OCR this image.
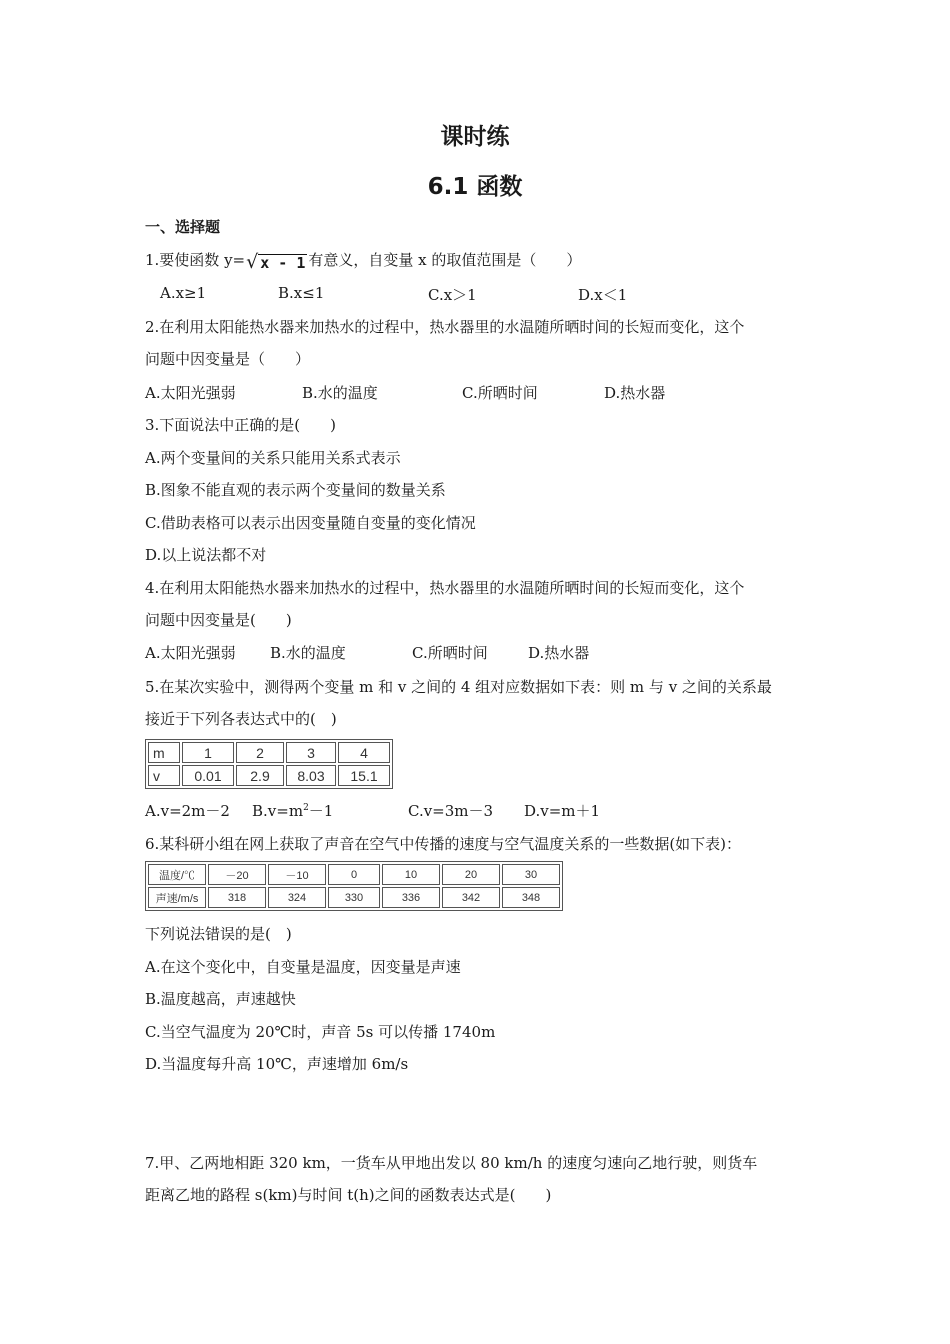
课时练
6.1 函数
一、选择题
1.要使函数 y=√ x - 1 有意义，自变量 x 的取值范围是（　　）
A.x≥1	B.x≤1	C.x＞1	D.x＜1
2.在利用太阳能热水器来加热水的过程中，热水器里的水温随所晒时间的长短而变化，这个
问题中因变量是（　　）
A.太阳光强弱	B.水的温度	C.所晒时间	D.热水器
3.下面说法中正确的是(　　)
A.两个变量间的关系只能用关系式表示
B.图象不能直观的表示两个变量间的数量关系
C.借助表格可以表示出因变量随自变量的变化情况
D.以上说法都不对
4.在利用太阳能热水器来加热水的过程中，热水器里的水温随所晒时间的长短而变化，这个
问题中因变量是(　　)
A.太阳光强弱 B.水的温度	C.所晒时间	D.热水器
5.在某次实验中，测得两个变量 m 和 v 之间的 4 组对应数据如下表：则 m 与 v 之间的关系最
接近于下列各表达式中的(　)
m	1	2	3	4
v	0.01	2.9	8.03	15.1
A.v=2m－2 $B.v=m^2-1$	C.v=3m－3 D.v=m＋1
6.某科研小组在网上获取了声音在空气中传播的速度与空气温度关系的一些数据(如下表)：
温度/℃	－20	－10	0	10	20	30
声速/m/s	318	324	330	336	342	348
下列说法错误的是(　)
A.在这个变化中，自变量是温度，因变量是声速
B.温度越高，声速越快
C.当空气温度为 20℃时，声音 5s 可以传播 1740m
D.当温度每升高 10℃，声速增加 6m/s
7.甲、乙两地相距 320 km，一货车从甲地出发以 80 km/h 的速度匀速向乙地行驶，则货车
距离乙地的路程 s(km)与时间 t(h)之间的函数表达式是(　　)
